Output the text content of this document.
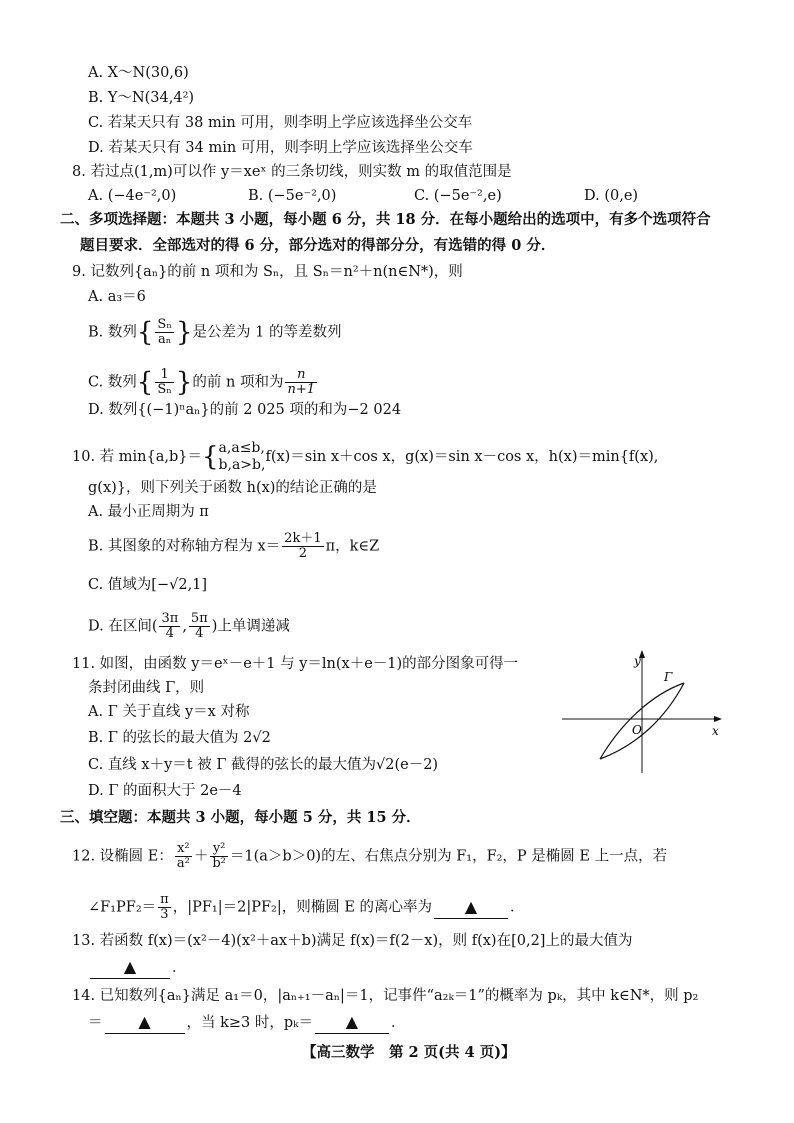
A. X～N(30,6)
B. Y～N(34,4²)
C. 若某天只有 38 min 可用，则李明上学应该选择坐公交车
D. 若某天只有 34 min 可用，则李明上学应该选择坐公交车
8. 若过点(1,m)可以作 y＝xeˣ 的三条切线，则实数 m 的取值范围是
A. (−4e⁻²,0)	B. (−5e⁻²,0)	C. (−5e⁻²,e)	D. (0,e)
二、多项选择题：本题共 3 小题，每小题 6 分，共 18 分．在每小题给出的选项中，有多个选项符合
题目要求．全部选对的得 6 分，部分选对的得部分分，有选错的得 0 分．
9. 记数列{aₙ}的前 n 项和为 Sₙ，且 Sₙ＝n²＋n(n∈N*)，则
A. a₃＝6
B. 数列{ $\frac{\text{Sₙ}}{\text{aₙ}}$ }是公差为 1 的等差数列
C. 数列{ $\frac{1}{\text{Sₙ}}$ }的前 n 项和为 $\frac{n}{n+1}$
D. 数列{(−1)ⁿaₙ}的前 2 025 项的和为−2 024
10. 若 min{a,b}＝{ a,a≤b,
b,a>b, f(x)＝sin x＋cos x，g(x)＝sin x－cos x，h(x)＝min{f(x),
g(x)}，则下列关于函数 h(x)的结论正确的是
A. 最小正周期为 π
B. 其图象的对称轴方程为 $x= \frac{2k+1}{2}$ π，k∈Z
C. 值域为[−√2,1]
D. 在区间( $\frac{3\pi}{4}$ , $\frac{5\pi}{4}$ )上单调递减
11. 如图，由函数 y＝eˣ－e＋1 与 y＝ln(x＋e－1)的部分图象可得一
条封闭曲线 Γ，则
A. Γ 关于直线 y＝x 对称
B. Γ 的弦长的最大值为 2√2
C. 直线 x＋y＝t 被 Γ 截得的弦长的最大值为√2(e－2)
D. Γ 的面积大于 2e－4
y
x
O
Γ
三、填空题：本题共 3 小题，每小题 5 分，共 15 分．
12. 设椭圆 E： $\frac{\text{x²}}{\text{a²}} + \frac{\text{y²}}{\text{b²}} =1(a>b>0)$的左、右焦点分别为 F₁，F₂，P 是椭圆 E 上一点，若
∠F₁PF₂＝ $\frac{\pi}{3}$ ，|PF₁|＝2|PF₂|，则椭圆 E 的离心率为 ▲ ．
13. 若函数 f(x)＝(x²－4)(x²＋ax＋b)满足 f(x)＝f(2－x)，则 f(x)在[0,2]上的最大值为
▲ ．
14. 已知数列{aₙ}满足 a₁＝0，|aₙ₊₁－aₙ|＝1，记事件“a₂ₖ＝1”的概率为 pₖ，其中 k∈N*，则 p₂
＝ ▲ ，当 k≥3 时，pₖ＝ ▲ ．
【高三数学　第 2 页(共 4 页)】
